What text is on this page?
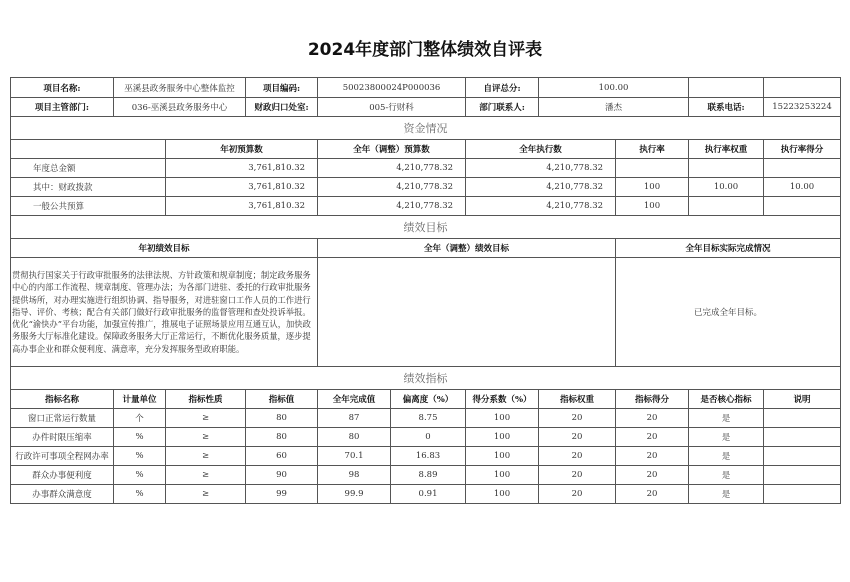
2024年度部门整体绩效自评表
项目名称:	巫溪县政务服务中心整体监控		项目编码:	50023800024P000036		自评总分:	100.00			
项目主管部门:	036-巫溪县政务服务中心		财政归口处室:	005-行财科		部门联系人:	潘杰		联系电话:	15223253224
资金情况										
		年初预算数		全年（调整）预算数		全年执行数		执行率	执行率权重	执行率得分
年度总金额		3,761,810.32		4,210,778.32		4,210,778.32				
其中：财政拨款		3,761,810.32		4,210,778.32		4,210,778.32		100	10.00	10.00
一般公共预算		3,761,810.32		4,210,778.32		4,210,778.32		100		
绩效目标										
年初绩效目标				全年（调整）绩效目标				全年目标实际完成情况		
贯彻执行国家关于行政审批服务的法律法规、方针政策和规章制度；制定政务服务中心的内部工作流程、规章制度、管理办法；为各部门进驻、委托的行政审批服务提供场所，对办理实施进行组织协调、指导服务，对进驻窗口工作人员的工作进行指导、评价、考核；配合有关部门做好行政审批服务的监督管理和查处投诉举报。优化“渝快办”平台功能，加强宣传推广，推展电子证照场景应用互通互认，加快政务服务大厅标准化建设。保障政务服务大厅正常运行，不断优化服务质量，逐步提高办事企业和群众便利度、满意率，充分发挥服务型政府职能。								已完成全年目标。		
绩效指标										
指标名称	计量单位	指标性质	指标值	全年完成值	偏离度（%）	得分系数（%）	指标权重	指标得分	是否核心指标	说明
窗口正常运行数量	个	≥	80	87	8.75	100	20	20	是	
办件时限压缩率	%	≥	80	80	0	100	20	20	是	
行政许可事项全程网办率	%	≥	60	70.1	16.83	100	20	20	是	
群众办事便利度	%	≥	90	98	8.89	100	20	20	是	
办事群众满意度	%	≥	99	99.9	0.91	100	20	20	是	
